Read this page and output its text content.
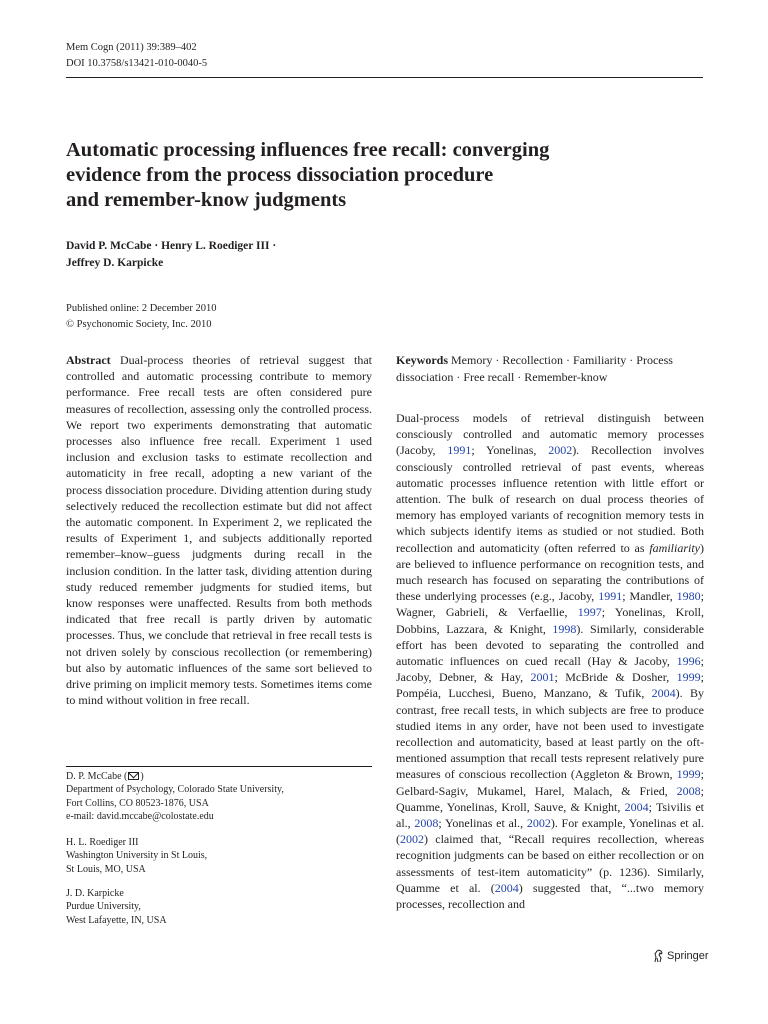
Mem Cogn (2011) 39:389–402
DOI 10.3758/s13421-010-0040-5
Automatic processing influences free recall: converging
evidence from the process dissociation procedure
and remember-know judgments
David P. McCabe · Henry L. Roediger III ·
Jeffrey D. Karpicke
Published online: 2 December 2010
© Psychonomic Society, Inc. 2010
Abstract Dual-process theories of retrieval suggest that controlled and automatic processing contribute to memory performance. Free recall tests are often considered pure measures of recollection, assessing only the controlled process. We report two experiments demonstrating that automatic processes also influence free recall. Experiment 1 used inclusion and exclusion tasks to estimate recollection and automaticity in free recall, adopting a new variant of the process dissociation procedure. Dividing attention during study selectively reduced the recollection estimate but did not affect the automatic component. In Experiment 2, we replicated the results of Experiment 1, and subjects additionally reported remember–know–guess judgments during recall in the inclusion condition. In the latter task, dividing attention during study reduced remember judgments for studied items, but know responses were unaffected. Results from both methods indicated that free recall is partly driven by automatic processes. Thus, we conclude that retrieval in free recall tests is not driven solely by conscious recollection (or remembering) but also by automatic influences of the same sort believed to drive priming on implicit memory tests. Sometimes items come to mind without volition in free recall.
Keywords Memory · Recollection · Familiarity · Process dissociation · Free recall · Remember-know
Dual-process models of retrieval distinguish between consciously controlled and automatic memory processes (Jacoby, 1991; Yonelinas, 2002). Recollection involves consciously controlled retrieval of past events, whereas automatic processes influence retention with little effort or attention. The bulk of research on dual process theories of memory has employed variants of recognition memory tests in which subjects identify items as studied or not studied. Both recollection and automaticity (often referred to as familiarity) are believed to influence performance on recognition tests, and much research has focused on separating the contributions of these underlying processes (e.g., Jacoby, 1991; Mandler, 1980; Wagner, Gabrieli, & Verfaellie, 1997; Yonelinas, Kroll, Dobbins, Lazzara, & Knight, 1998). Similarly, considerable effort has been devoted to separating the controlled and automatic influences on cued recall (Hay & Jacoby, 1996; Jacoby, Debner, & Hay, 2001; McBride & Dosher, 1999; Pompéia, Lucchesi, Bueno, Manzano, & Tufik, 2004). By contrast, free recall tests, in which subjects are free to produce studied items in any order, have not been used to investigate recollection and automaticity, based at least partly on the oft-mentioned assumption that recall tests represent relatively pure measures of conscious recollection (Aggleton & Brown, 1999; Gelbard-Sagiv, Mukamel, Harel, Malach, & Fried, 2008; Quamme, Yonelinas, Kroll, Sauve, & Knight, 2004; Tsivilis et al., 2008; Yonelinas et al., 2002). For example, Yonelinas et al. (2002) claimed that, “Recall requires recollection, whereas recognition judgments can be based on either recollection or on assessments of test-item automaticity” (p. 1236). Similarly, Quamme et al. (2004) suggested that, “...two memory processes, recollection and
D. P. McCabe ( )
Department of Psychology, Colorado State University,
Fort Collins, CO 80523-1876, USA
e-mail: david.mccabe@colostate.edu
H. L. Roediger III
Washington University in St Louis,
St Louis, MO, USA
J. D. Karpicke
Purdue University,
West Lafayette, IN, USA
Springer
